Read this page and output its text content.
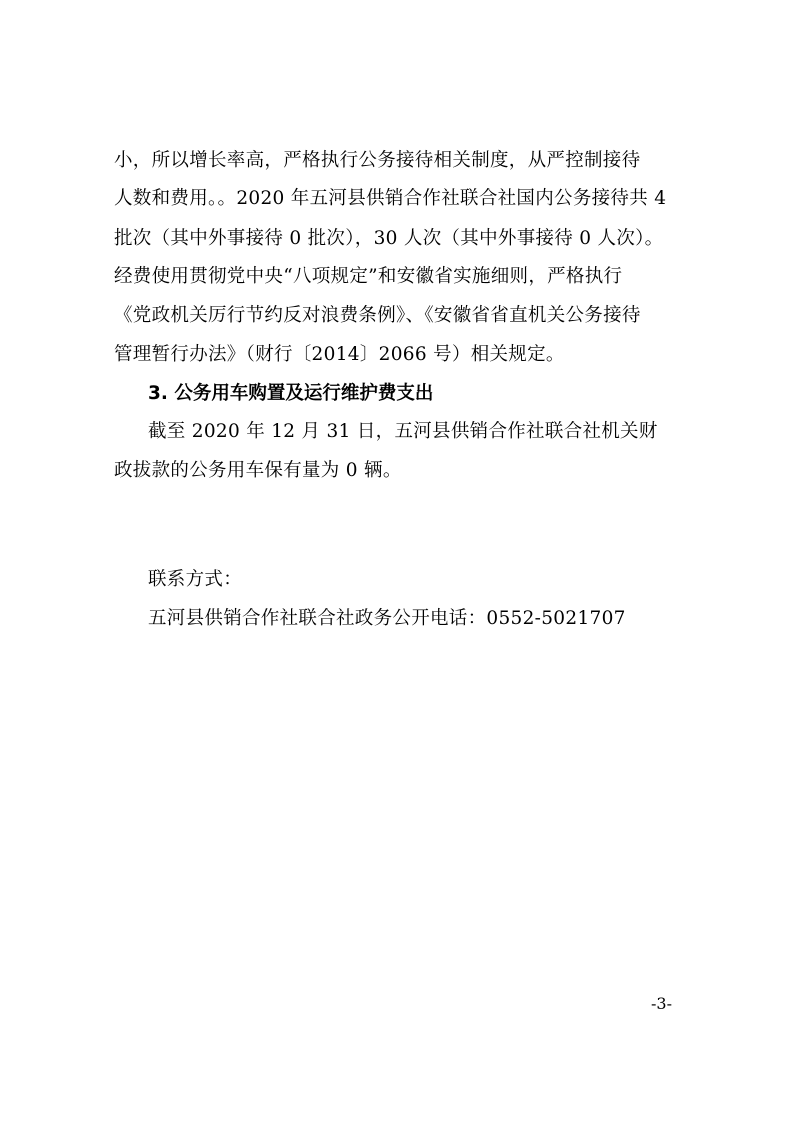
小，所以增长率高，严格执行公务接待相关制度，从严控制接待
人数和费用。。2020 年五河县供销合作社联合社国内公务接待共 4
批次（其中外事接待 0 批次），30 人次（其中外事接待 0 人次）。
经费使用贯彻党中央“八项规定”和安徽省实施细则，严格执行
《党政机关厉行节约反对浪费条例》、《安徽省省直机关公务接待
管理暂行办法》（财行〔2014〕2066 号）相关规定。
3. 公务用车购置及运行维护费支出
截至 2020 年 12 月 31 日，五河县供销合作社联合社机关财
政拔款的公务用车保有量为 0 辆。
联系方式：
五河县供销合作社联合社政务公开电话：0552-5021707
-3-
